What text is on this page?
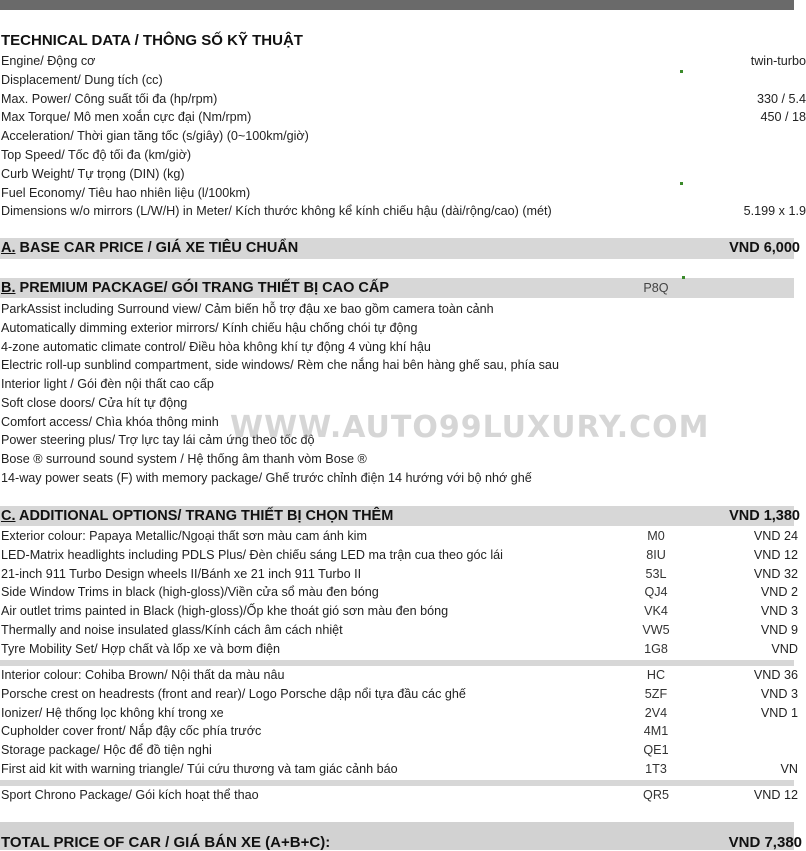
TECHNICAL DATA / THÔNG SỐ KỸ THUẬT
Engine/ Động cơ	twin-turbo
Displacement/ Dung tích (cc)
Max. Power/ Công suất tối đa (hp/rpm)	330 / 5.4
Max Torque/ Mô men xoắn cực đại (Nm/rpm)	450 / 18
Acceleration/ Thời gian tăng tốc (s/giây) (0~100km/giờ)
Top Speed/ Tốc độ tối đa (km/giờ)
Curb Weight/ Tự trọng (DIN) (kg)
Fuel Economy/ Tiêu hao nhiên liệu (l/100km)
Dimensions w/o mirrors (L/W/H) in Meter/ Kích thước không kể kính chiếu hậu (dài/rộng/cao) (mét)	5.199 x 1.9
A. BASE CAR PRICE / GIÁ XE TIÊU CHUẨN	VND 6,000
B. PREMIUM PACKAGE/ GÓI TRANG THIẾT BỊ CAO CẤP	P8Q
ParkAssist including Surround view/ Cảm biến hỗ trợ đậu xe bao gồm camera toàn cảnh
Automatically dimming exterior mirrors/ Kính chiếu hậu chống chói tự động
4-zone automatic climate control/ Điều hòa không khí tự động 4 vùng khí hậu
Electric roll-up sunblind compartment, side windows/ Rèm che nắng hai bên hàng ghế sau, phía sau
Interior light / Gói đèn nội thất cao cấp
Soft close doors/ Cửa hít tự động
Comfort access/ Chìa khóa thông minh
Power steering plus/ Trợ lực tay lái cảm ứng theo tốc độ
Bose ® surround sound system / Hệ thống âm thanh vòm Bose ®
14-way power seats (F) with memory package/ Ghế trước chỉnh điện 14 hướng với bộ nhớ ghế
C. ADDITIONAL OPTIONS/ TRANG THIẾT BỊ CHỌN THÊM	VND 1,380
Exterior colour: Papaya Metallic/Ngoại thất sơn màu cam ánh kim	M0	VND 24
LED-Matrix headlights including PDLS Plus/ Đèn chiếu sáng LED ma trận cua theo góc lái	8IU	VND 12
21-inch 911 Turbo Design wheels II/Bánh xe 21 inch 911 Turbo II	53L	VND 32
Side Window Trims in black (high-gloss)/Viền cửa sổ màu đen bóng	QJ4	VND 2
Air outlet trims painted in Black (high-gloss)/Ốp khe thoát gió sơn màu đen bóng	VK4	VND 3
Thermally and noise insulated glass/Kính cách âm cách nhiệt	VW5	VND 9
Tyre Mobility Set/ Hợp chất và lốp xe và bơm điện	1G8	VND
Interior colour: Cohiba Brown/ Nội thất da màu nâu	HC	VND 36
Porsche crest on headrests (front and rear)/ Logo Porsche dập nổi tựa đầu các ghế	5ZF	VND 3
Ionizer/ Hệ thống lọc không khí trong xe	2V4	VND 1
Cupholder cover front/ Nắp đậy cốc phía trước	4M1
Storage package/ Hộc để đồ tiện nghi	QE1
First aid kit with warning triangle/ Túi cứu thương và tam giác cảnh báo	1T3	VN
Sport Chrono Package/ Gói kích hoạt thể thao	QR5	VND 12
WWW.AUTO99LUXURY.COM
TOTAL PRICE OF CAR / GIÁ BÁN XE (A+B+C):	VND 7,380
